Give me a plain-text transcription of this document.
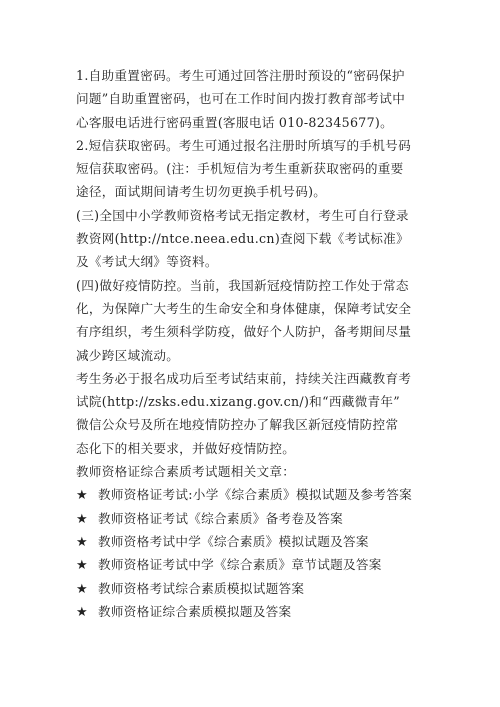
1.自助重置密码。考生可通过回答注册时预设的“密码保护
问题”自助重置密码，也可在工作时间内拨打教育部考试中
心客服电话进行密码重置(客服电话 010-82345677)。

2.短信获取密码。考生可通过报名注册时所填写的手机号码
短信获取密码。(注：手机短信为考生重新获取密码的重要
途径，面试期间请考生切勿更换手机号码)。

(三)全国中小学教师资格考试无指定教材，考生可自行登录
教资网(http://ntce.neea.edu.cn)查阅下载《考试标准》
及《考试大纲》等资料。

(四)做好疫情防控。当前，我国新冠疫情防控工作处于常态
化，为保障广大考生的生命安全和身体健康，保障考试安全
有序组织，考生须科学防疫，做好个人防护，备考期间尽量
减少跨区域流动。

考生务必于报名成功后至考试结束前，持续关注西藏教育考
试院(http://zsks.edu.xizang.gov.cn/)和“西藏微青年”
微信公众号及所在地疫情防控办了解我区新冠疫情防控常
态化下的相关要求，并做好疫情防控。

教师资格证综合素质考试题相关文章：

★ 教师资格证考试:小学《综合素质》模拟试题及参考答案
★ 教师资格证考试《综合素质》备考卷及答案
★ 教师资格考试中学《综合素质》模拟试题及答案
★ 教师资格证考试中学《综合素质》章节试题及答案
★ 教师资格考试综合素质模拟试题答案
★ 教师资格证综合素质模拟题及答案
